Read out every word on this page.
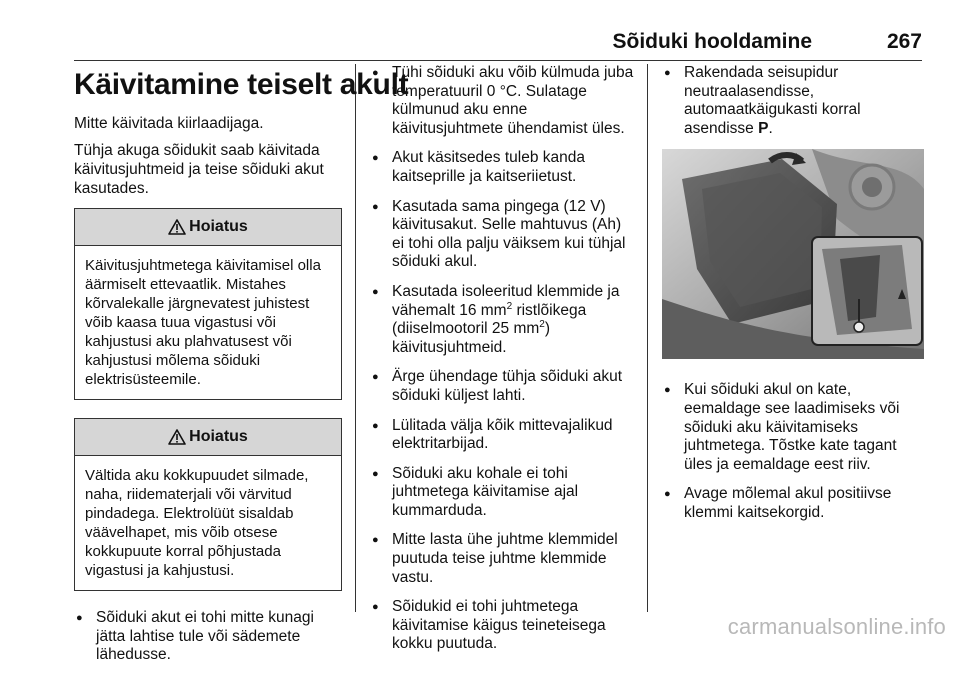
Sõiduki hooldamine	267
Käivitamine teiselt akult

Mitte käivitada kiirlaadijaga.

Tühja akuga sõidukit saab käivitada käivitusjuhtmeid ja teise sõiduki akut kasutades.

Hoiatus
Käivitusjuhtmetega käivitamisel olla äärmiselt ettevaatlik. Mistahes kõrvalekalle järgnevatest juhistest võib kaasa tuua vigastusi või kahjustusi aku plahvatusest või kahjustusi mõlema sõiduki elektrisüsteemile.
Hoiatus
Vältida aku kokkupuudet silmade, naha, riidematerjali või värvitud pindadega. Elektrolüüt sisaldab väävelhapet, mis võib otsese kokkupuute korral põhjustada vigastusi ja kahjustusi.
● Sõiduki akut ei tohi mitte kunagi jätta lahtise tule või sädemete lähedusse.
● Tühi sõiduki aku võib külmuda juba temperatuuril 0 °C. Sulatage külmunud aku enne käivitusjuhtmete ühendamist üles.
● Akut käsitsedes tuleb kanda kaitseprille ja kaitseriietust.
● Kasutada sama pingega (12 V) käivitusakut. Selle mahtuvus (Ah) ei tohi olla palju väiksem kui tühjal sõiduki akul.
● Kasutada isoleeritud klemmide ja vähemalt 16 $mm^2$ ristlõikega (diiselmootoril 25 $mm^2$) käivitusjuhtmeid.
● Ärge ühendage tühja sõiduki akut sõiduki küljest lahti.
● Lülitada välja kõik mittevajalikud elektritarbijad.
● Sõiduki aku kohale ei tohi juhtmetega käivitamise ajal kummarduda.
● Mitte lasta ühe juhtme klemmidel puutuda teise juhtme klemmide vastu.
● Sõidukid ei tohi juhtmetega käivitamise käigus teineteisega kokku puutuda.
● Rakendada seisupidur neutraalasendisse, automaatkäigukasti korral asendisse P.
● Kui sõiduki akul on kate, eemaldage see laadimiseks või sõiduki aku käivitamiseks juhtmetega. Tõstke kate tagant üles ja eemaldage eest riiv.
● Avage mõlemal akul positiivse klemmi kaitsekorgid.
carmanualsonline.info
